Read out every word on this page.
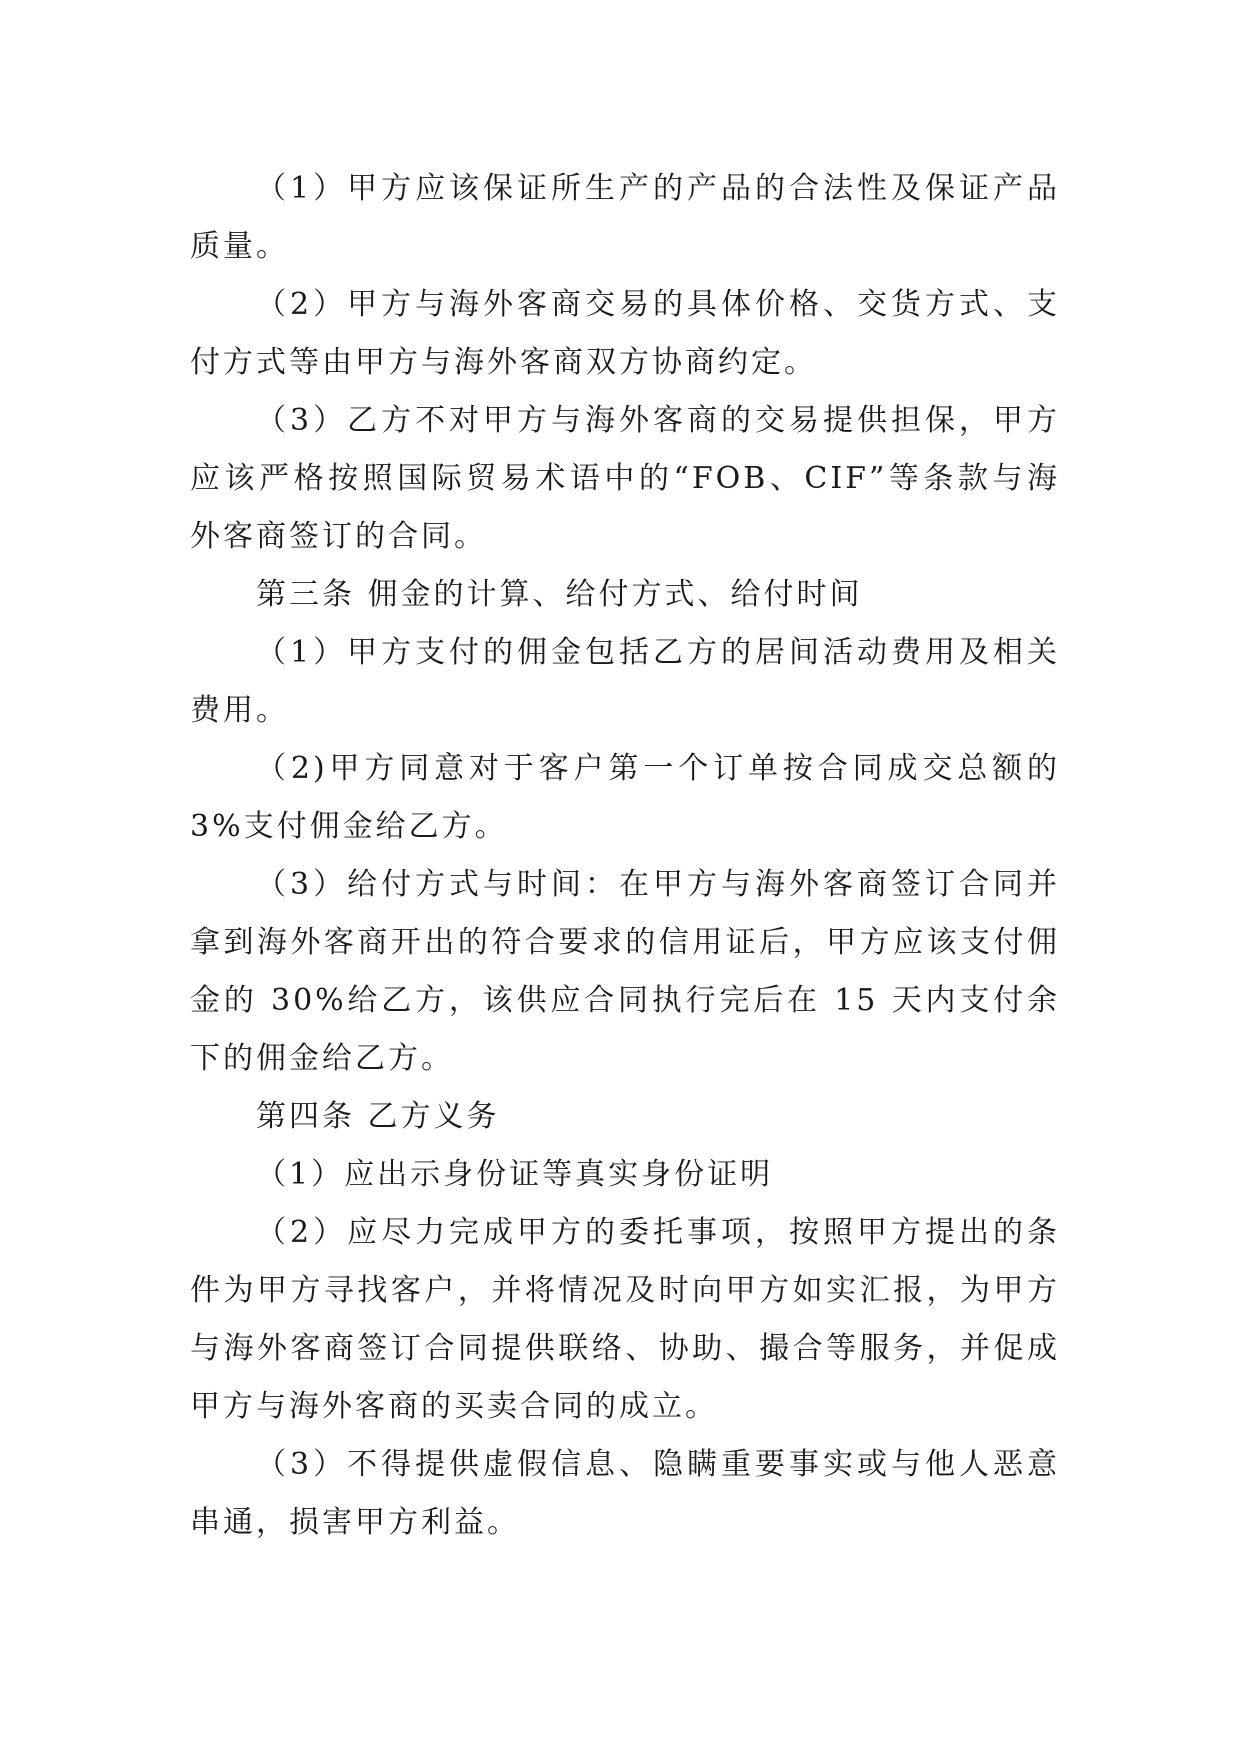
（1）甲方应该保证所生产的产品的合法性及保证产品质量。

（2）甲方与海外客商交易的具体价格、交货方式、支付方式等由甲方与海外客商双方协商约定。

（3）乙方不对甲方与海外客商的交易提供担保，甲方应该严格按照国际贸易术语中的“FOB、CIF”等条款与海外客商签订的合同。

第三条 佣金的计算、给付方式、给付时间

（1）甲方支付的佣金包括乙方的居间活动费用及相关费用。

（2)甲方同意对于客户第一个订单按合同成交总额的3%支付佣金给乙方。

（3）给付方式与时间：在甲方与海外客商签订合同并拿到海外客商开出的符合要求的信用证后，甲方应该支付佣金的 30%给乙方，该供应合同执行完后在 15 天内支付余下的佣金给乙方。

第四条 乙方义务

（1）应出示身份证等真实身份证明

（2）应尽力完成甲方的委托事项，按照甲方提出的条件为甲方寻找客户，并将情况及时向甲方如实汇报，为甲方与海外客商签订合同提供联络、协助、撮合等服务，并促成甲方与海外客商的买卖合同的成立。

（3）不得提供虚假信息、隐瞒重要事实或与他人恶意串通，损害甲方利益。
